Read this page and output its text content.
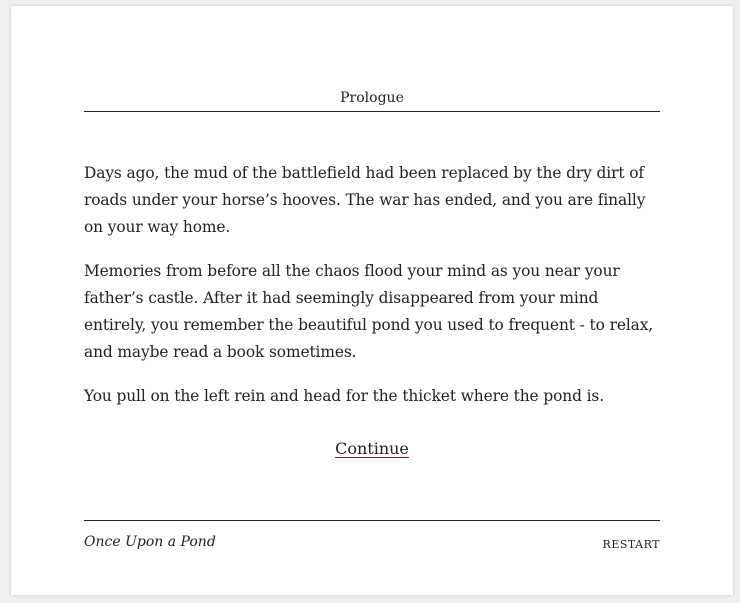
Prologue

Days ago, the mud of the battlefield had been replaced by the dry dirt of roads under your horse’s hooves. The war has ended, and you are finally on your way home.

Memories from before all the chaos flood your mind as you near your father’s castle. After it had seemingly disappeared from your mind entirely, you remember the beautiful pond you used to frequent - to relax, and maybe read a book sometimes.

You pull on the left rein and head for the thicket where the pond is.

Continue
Once Upon a Pond	RESTART
